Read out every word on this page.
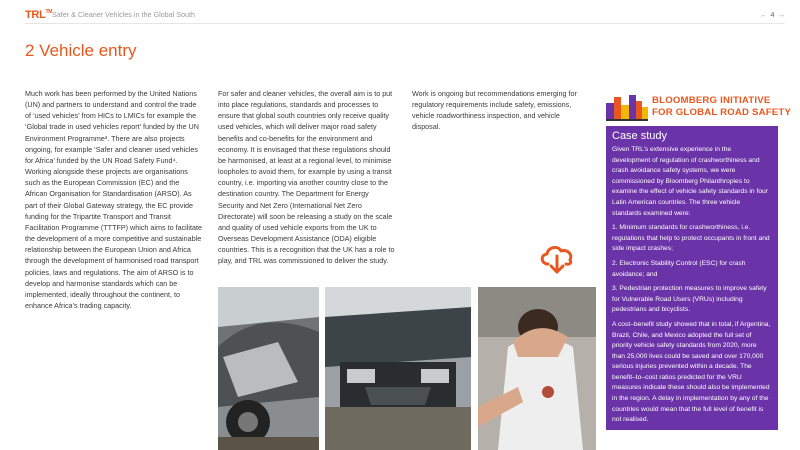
TRL™ Safer & Cleaner Vehicles in the Global South	← 4 →
2 Vehicle entry
Much work has been performed by the United Nations (UN) and partners to understand and control the trade of ‘used vehicles’ from HICs to LMICs for example the ‘Global trade in used vehicles report’ funded by the UN Environment Programme³. There are also projects ongoing, for example ‘Safer and cleaner used vehicles for Africa’ funded by the UN Road Safety Fund⁴. Working alongside these projects are organisations such as the European Commission (EC) and the African Organisation for Standardisation (ARSO). As part of their Global Gateway strategy, the EC provide funding for the Tripartite Transport and Transit Facilitation Programme (TTTFP) which aims to facilitate the development of a more competitive and sustainable relationship between the European Union and Africa through the development of harmonised road transport policies, laws and regulations. The aim of ARSO is to develop and harmonise standards which can be implemented, ideally throughout the continent, to enhance Africa’s trading capacity.
For safer and cleaner vehicles, the overall aim is to put into place regulations, standards and processes to ensure that global south countries only receive quality used vehicles, which will deliver major road safety benefits and co-benefits for the environment and economy. It is envisaged that these regulations should be harmonised, at least at a regional level, to minimise loopholes to avoid them, for example by using a transit country, i.e. importing via another country close to the destination country. The Department for Energy Security and Net Zero (International Net Zero Directorate) will soon be releasing a study on the scale and quality of used vehicle exports from the UK to Overseas Development Assistance (ODA) eligible countries. This is a recognition that the UK has a role to play, and TRL was commissioned to deliver the study.
Work is ongoing but recommendations emerging for regulatory requirements include safety, emissions, vehicle roadworthiness inspection, and vehicle disposal.
BLOOMBERG INITIATIVE
FOR GLOBAL ROAD SAFETY
Case study

Given TRL’s extensive experience in the development of regulation of crashworthiness and crash avoidance safety systems, we were commissioned by Bloomberg Philanthropies to examine the effect of vehicle safety standards in four Latin American countries. The three vehicle standards examined were:

1. Minimum standards for crashworthiness, i.e. regulations that help to protect occupants in front and side impact crashes;

2. Electronic Stability Control (ESC) for crash avoidance; and

3. Pedestrian protection measures to improve safety for Vulnerable Road Users (VRUs) including pedestrians and bicyclists.

A cost–benefit study showed that in total, if Argentina, Brazil, Chile, and Mexico adopted the full set of priority vehicle safety standards from 2020, more than 25,000 lives could be saved and over 170,000 serious injuries prevented within a decade. The benefit–to–cost ratios predicted for the VRU measures indicate these should also be implemented in the region. A delay in implementation by any of the countries would mean that the full level of benefit is not realised.
